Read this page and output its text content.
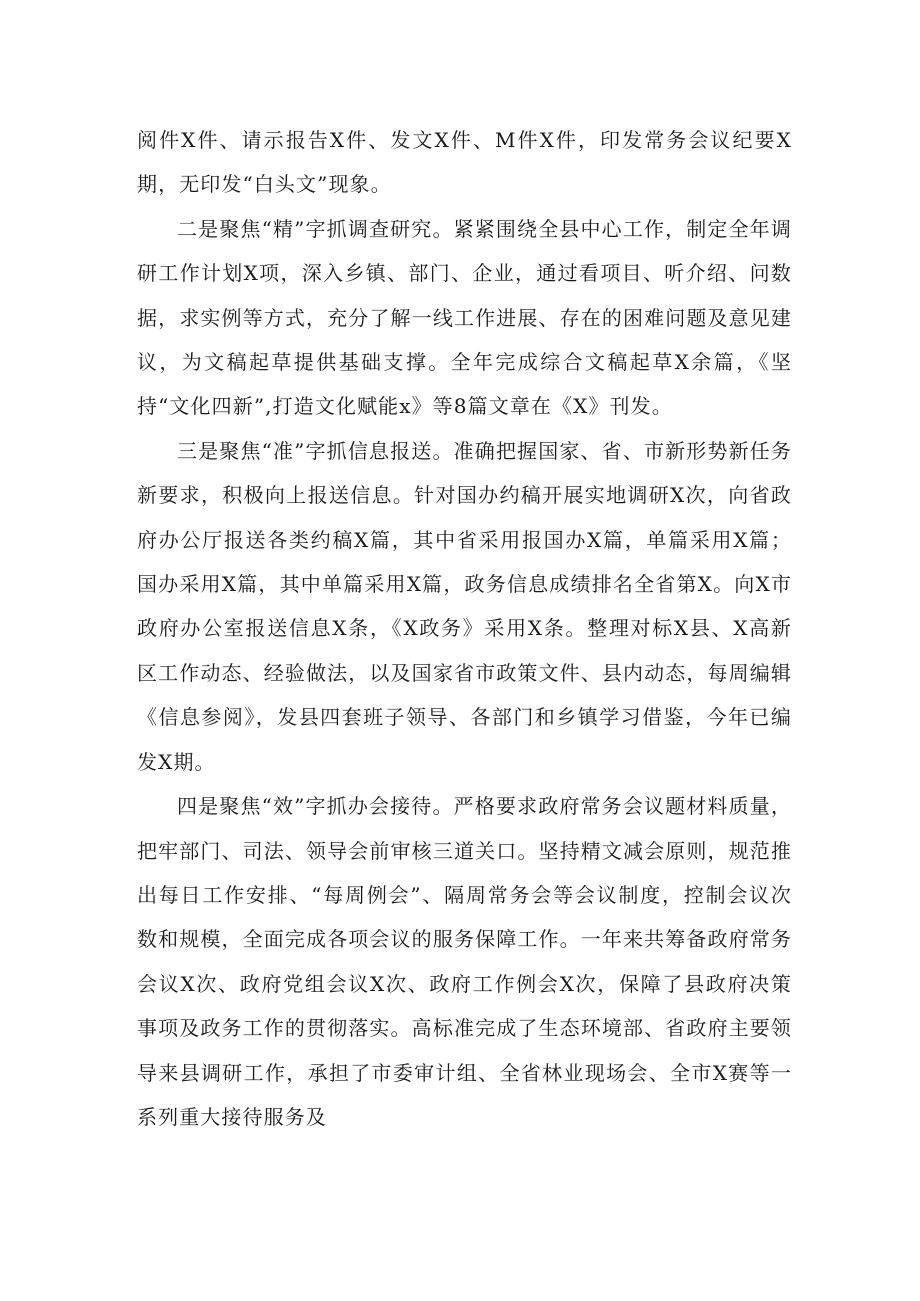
阅件X件、请示报告X件、发文X件、M件X件，印发常务会议纪要X期，无印发“白头文”现象。

二是聚焦“精”字抓调查研究。紧紧围绕全县中心工作，制定全年调研工作计划X项，深入乡镇、部门、企业，通过看项目、听介绍、问数据，求实例等方式，充分了解一线工作进展、存在的困难问题及意见建议，为文稿起草提供基础支撑。全年完成综合文稿起草X余篇，《坚持“文化四新”,打造文化赋能x》等8篇文章在《X》刊发。

三是聚焦“准”字抓信息报送。准确把握国家、省、市新形势新任务新要求，积极向上报送信息。针对国办约稿开展实地调研X次，向省政府办公厅报送各类约稿X篇，其中省采用报国办X篇，单篇采用X篇；国办采用X篇，其中单篇采用X篇，政务信息成绩排名全省第X。向X市政府办公室报送信息X条，《X政务》采用X条。整理对标X县、X高新区工作动态、经验做法，以及国家省市政策文件、县内动态，每周编辑《信息参阅》，发县四套班子领导、各部门和乡镇学习借鉴，今年已编发X期。

四是聚焦“效”字抓办会接待。严格要求政府常务会议题材料质量，把牢部门、司法、领导会前审核三道关口。坚持精文减会原则，规范推出每日工作安排、“每周例会”、隔周常务会等会议制度，控制会议次数和规模，全面完成各项会议的服务保障工作。一年来共筹备政府常务会议X次、政府党组会议X次、政府工作例会X次，保障了县政府决策事项及政务工作的贯彻落实。高标准完成了生态环境部、省政府主要领导来县调研工作，承担了市委审计组、全省林业现场会、全市X赛等一系列重大接待服务及
